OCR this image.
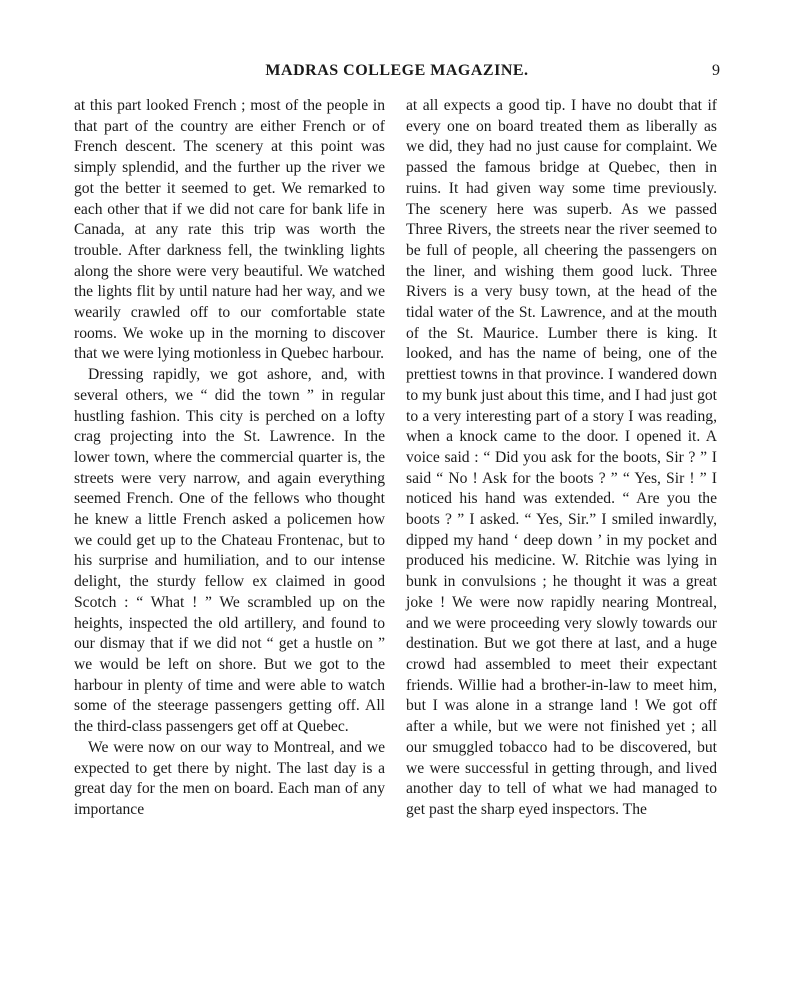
MADRAS COLLEGE MAGAZINE.	9

at this part looked French ; most of the people in that part of the country are either French or of French descent. The scenery at this point was simply splendid, and the further up the river we got the better it seemed to get. We remarked to each other that if we did not care for bank life in Canada, at any rate this trip was worth the trouble. After darkness fell, the twinkling lights along the shore were very beautiful. We watched the lights flit by until nature had her way, and we wearily crawled off to our comfortable state rooms. We woke up in the morning to discover that we were lying motionless in Quebec harbour.

Dressing rapidly, we got ashore, and, with several others, we “ did the town ” in regular hustling fashion. This city is perched on a lofty crag projecting into the St. Lawrence. In the lower town, where the commercial quarter is, the streets were very narrow, and again everything seemed French. One of the fellows who thought he knew a little French asked a policemen how we could get up to the Chateau Frontenac, but to his surprise and humiliation, and to our intense delight, the sturdy fellow ex claimed in good Scotch : “ What ! ” We scrambled up on the heights, inspected the old artillery, and found to our dismay that if we did not “ get a hustle on ” we would be left on shore. But we got to the harbour in plenty of time and were able to watch some of the steerage passengers getting off. All the third-class passengers get off at Quebec.

We were now on our way to Montreal, and we expected to get there by night. The last day is a great day for the men on board. Each man of any importance

at all expects a good tip. I have no doubt that if every one on board treated them as liberally as we did, they had no just cause for complaint. We passed the famous bridge at Quebec, then in ruins. It had given way some time previously. The scenery here was superb. As we passed Three Rivers, the streets near the river seemed to be full of people, all cheering the passengers on the liner, and wishing them good luck. Three Rivers is a very busy town, at the head of the tidal water of the St. Lawrence, and at the mouth of the St. Maurice. Lumber there is king. It looked, and has the name of being, one of the prettiest towns in that province. I wandered down to my bunk just about this time, and I had just got to a very interesting part of a story I was reading, when a knock came to the door. I opened it. A voice said : “ Did you ask for the boots, Sir ? ” I said “ No ! Ask for the boots ? ” “ Yes, Sir ! ” I noticed his hand was extended. “ Are you the boots ? ” I asked. “ Yes, Sir.” I smiled inwardly, dipped my hand ‘ deep down ’ in my pocket and produced his medicine. W. Ritchie was lying in bunk in convulsions ; he thought it was a great joke ! We were now rapidly nearing Montreal, and we were proceeding very slowly towards our destination. But we got there at last, and a huge crowd had assembled to meet their expectant friends. Willie had a brother-in-law to meet him, but I was alone in a strange land ! We got off after a while, but we were not finished yet ; all our smuggled tobacco had to be discovered, but we were successful in getting through, and lived another day to tell of what we had managed to get past the sharp eyed inspectors. The
